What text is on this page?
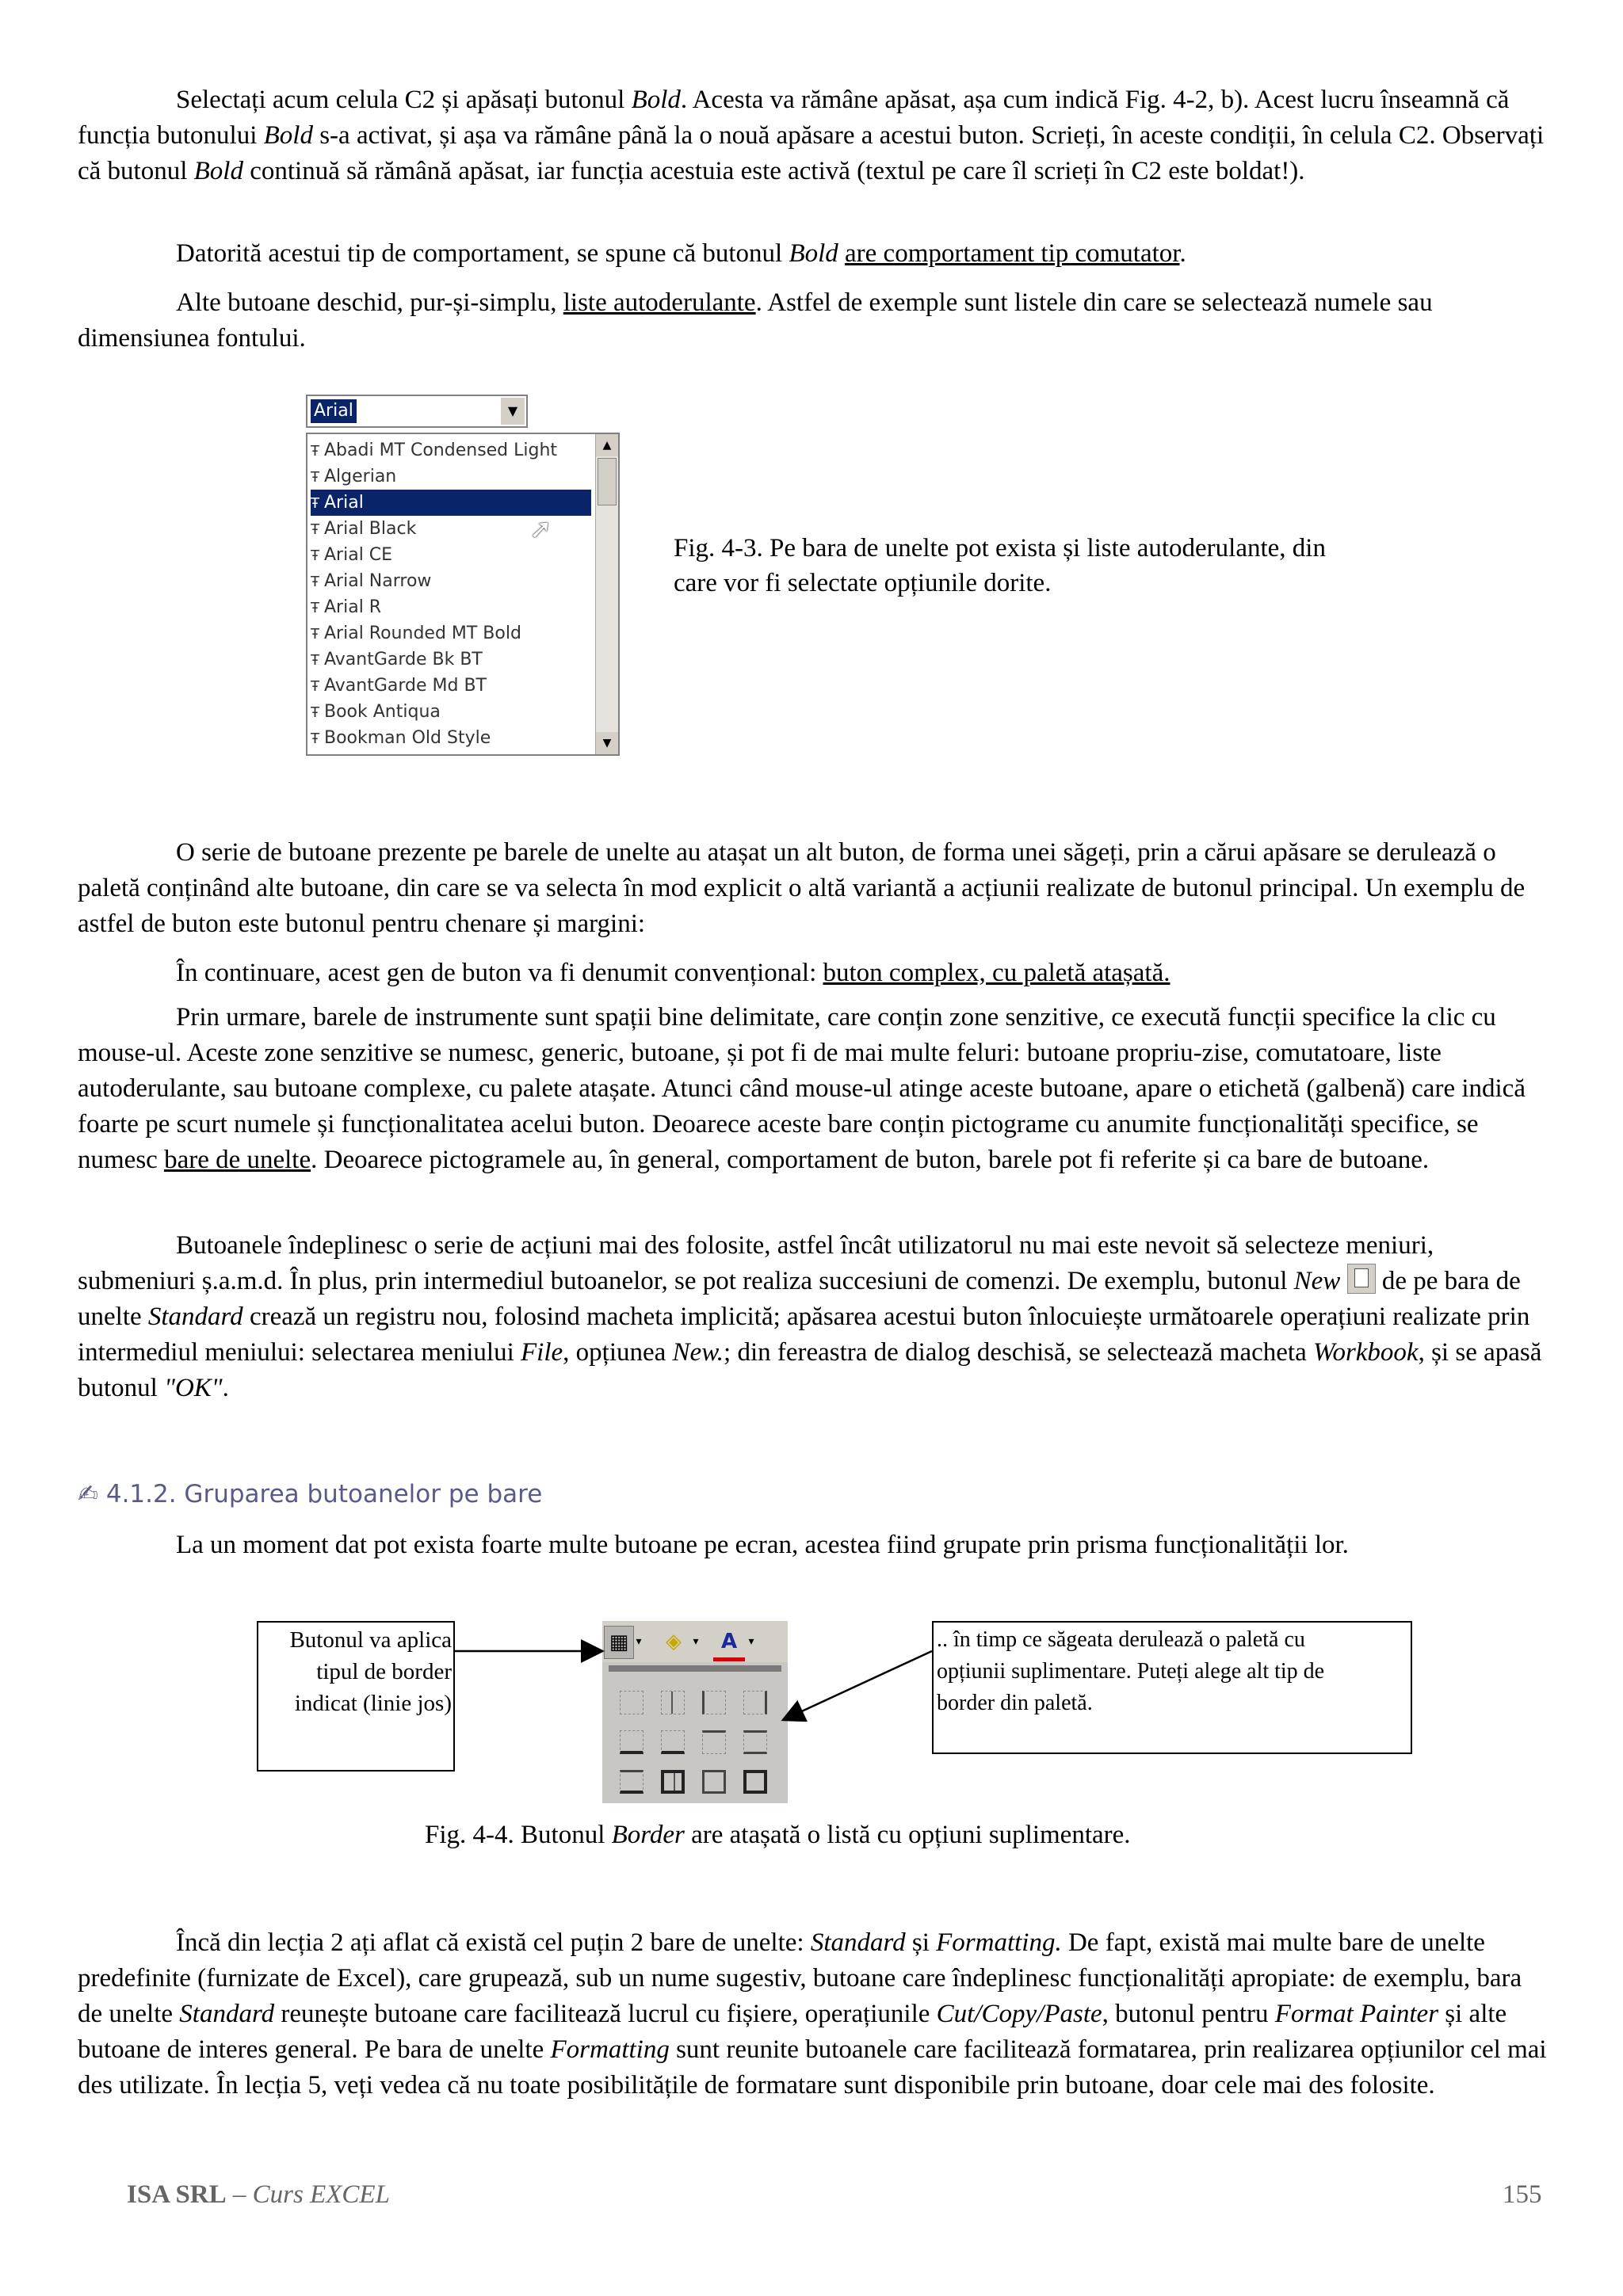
Selectați acum celula C2 și apăsați butonul Bold. Acesta va rămâne apăsat, așa cum indică Fig. 4-2, b). Acest lucru înseamnă că funcția butonului Bold s-a activat, și așa va rămâne până la o nouă apăsare a acestui buton. Scrieți, în aceste condiții, în celula C2. Observați că butonul Bold continuă să rămână apăsat, iar funcția acestuia este activă (textul pe care îl scrieți în C2 este boldat!).

Datorită acestui tip de comportament, se spune că butonul Bold are comportament tip comutator.

Alte butoane deschid, pur-și-simplu, liste autoderulante. Astfel de exemple sunt listele din care se selectează numele sau dimensiunea fontului.

Arial	▼
Ŧ Abadi MT Condensed Light
Ŧ Algerian
Ŧ Arial
Ŧ Arial Black
Ŧ Arial CE
Ŧ Arial Narrow
Ŧ Arial R
Ŧ Arial Rounded MT Bold
Ŧ AvantGarde Bk BT
Ŧ AvantGarde Md BT
Ŧ Book Antiqua
Ŧ Bookman Old Style
▲
▼
➚
Fig. 4-3. Pe bara de unelte pot exista și liste autoderulante, din
care vor fi selectate opțiunile dorite.

O serie de butoane prezente pe barele de unelte au atașat un alt buton, de forma unei săgeți, prin a cărui apăsare se derulează o paletă conținând alte butoane, din care se va selecta în mod explicit o altă variantă a acțiunii realizate de butonul principal. Un exemplu de astfel de buton este butonul pentru chenare și margini:

În continuare, acest gen de buton va fi denumit convențional: buton complex, cu paletă atașată.

Prin urmare, barele de instrumente sunt spații bine delimitate, care conțin zone senzitive, ce execută funcții specifice la clic cu mouse-ul. Aceste zone senzitive se numesc, generic, butoane, și pot fi de mai multe feluri: butoane propriu-zise, comutatoare, liste autoderulante, sau butoane complexe, cu palete atașate. Atunci când mouse-ul atinge aceste butoane, apare o etichetă (galbenă) care indică foarte pe scurt numele și funcționalitatea acelui buton. Deoarece aceste bare conțin pictograme cu anumite funcționalități specifice, se numesc bare de unelte. Deoarece pictogramele au, în general, comportament de buton, barele pot fi referite și ca bare de butoane.

Butoanele îndeplinesc o serie de acțiuni mai des folosite, astfel încât utilizatorul nu mai este nevoit să selecteze meniuri, submeniuri ș.a.m.d. În plus, prin intermediul butoanelor, se pot realiza succesiuni de comenzi. De exemplu, butonul New
de pe bara de unelte Standard crează un registru nou, folosind macheta implicită; apăsarea acestui buton înlocuiește următoarele operațiuni realizate prin intermediul meniului: selectarea meniului File, opțiunea New.; din fereastra de dialog deschisă, se selectează macheta Workbook, și se apasă butonul "OK".

✍ 4.1.2. Gruparea butoanelor pe bare

La un moment dat pot exista foarte multe butoane pe ecran, acestea fiind grupate prin prisma funcționalității lor.

Butonul va aplica
tipul de border
indicat (linie jos)
▦ ▾	◈	▾	A	▾	.. în timp ce săgeata derulează o paletă cu
opțiunii suplimentare. Puteți alege alt tip de
border din paletă.
Fig. 4-4. Butonul Border are atașată o listă cu opțiuni suplimentare.

Încă din lecția 2 ați aflat că există cel puțin 2 bare de unelte: Standard și Formatting. De fapt, există mai multe bare de unelte predefinite (furnizate de Excel), care grupează, sub un nume sugestiv, butoane care îndeplinesc funcționalități apropiate: de exemplu, bara de unelte Standard reunește butoane care facilitează lucrul cu fișiere, operațiunile Cut/Copy/Paste, butonul pentru Format Painter și alte butoane de interes general. Pe bara de unelte Formatting sunt reunite butoanele care facilitează formatarea, prin realizarea opțiunilor cel mai des utilizate. În lecția 5, veți vedea că nu toate posibilitățile de formatare sunt disponibile prin butoane, doar cele mai des folosite.

ISA SRL – Curs EXCEL	155
